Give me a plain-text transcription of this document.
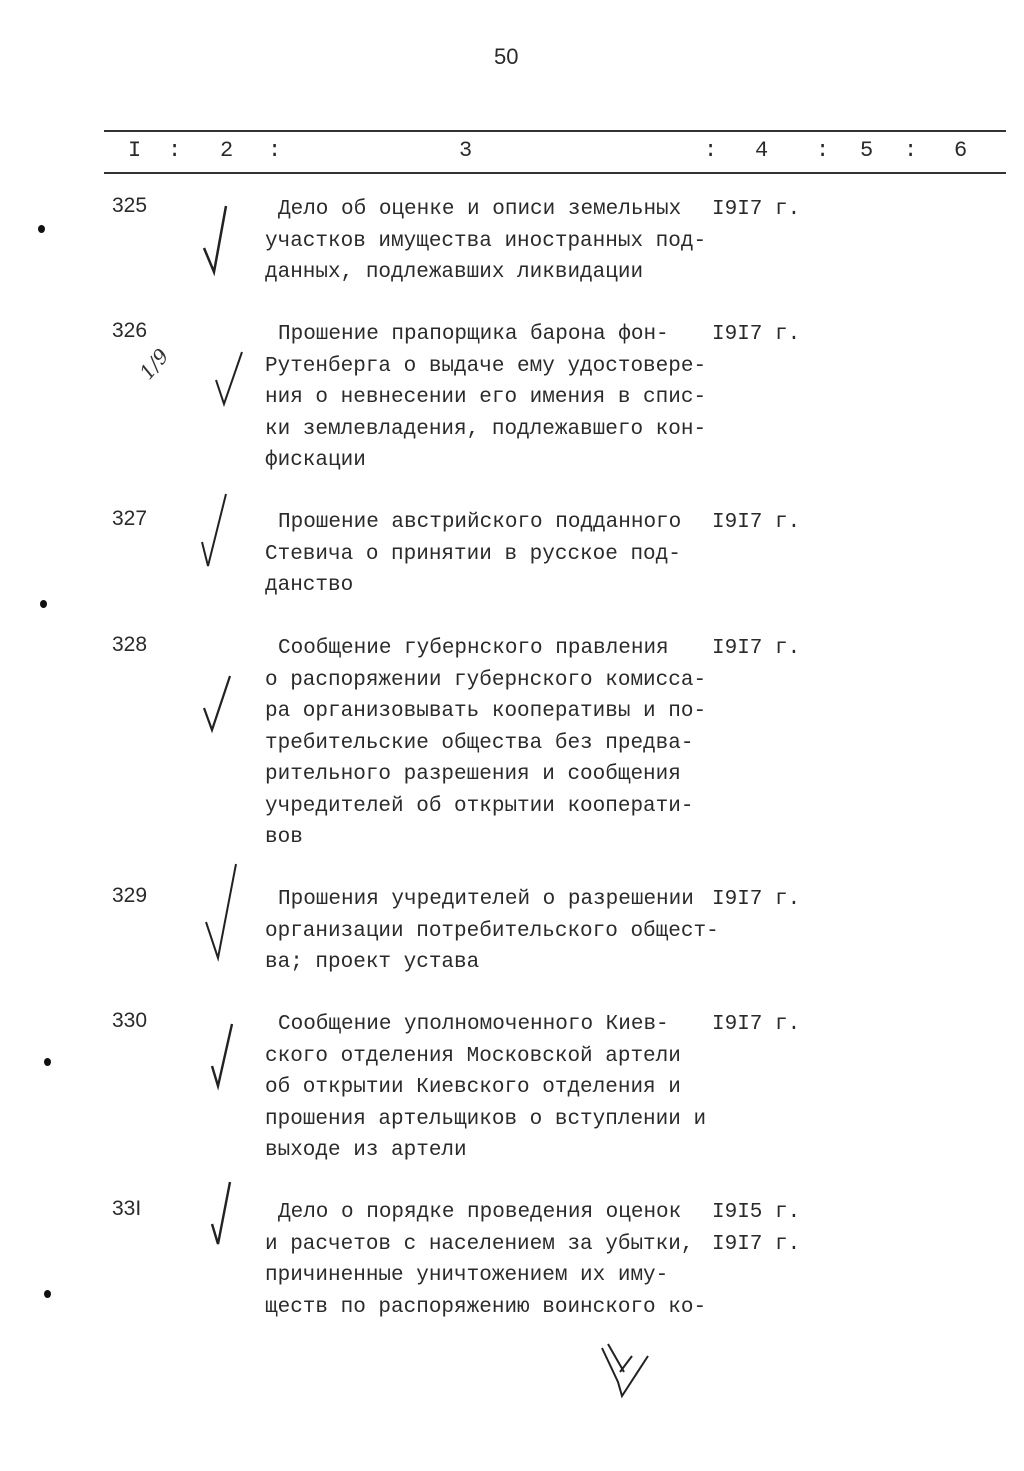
50
I : 2 :	3	: 4 : 5 : 6
325	Дело об оценке и описи земельных
участков имущества иностранных под-
данных, подлежавших ликвидации
I9I7 г.
326	Прошение прапорщика барона фон-
Рутенберга о выдаче ему удостовере-
ния о невнесении его имения в спис-
ки землевладения, подлежавшего кон-
фискации
I9I7 г.
327	Прошение австрийского подданного
Стевича о принятии в русское под-
данство
I9I7 г.
328	Сообщение губернского правления
о распоряжении губернского комисса-
ра организовывать кооперативы и по-
требительские общества без предва-
рительного разрешения и сообщения
учредителей об открытии кооперати-
вов
I9I7 г.
329	Прошения учредителей о разрешении
организации потребительского общест-
ва; проект устава
I9I7 г.
330	Сообщение уполномоченного Киев-
ского отделения Московской артели
об открытии Киевского отделения и
прошения артельщиков о вступлении и
выходе из артели
I9I7 г.
33I	Дело о порядке проведения оценок
и расчетов с населением за убытки,
причиненные уничтожением их иму-
ществ по распоряжению воинского ко-
I9I5 г.
I9I7 г.
1/9
